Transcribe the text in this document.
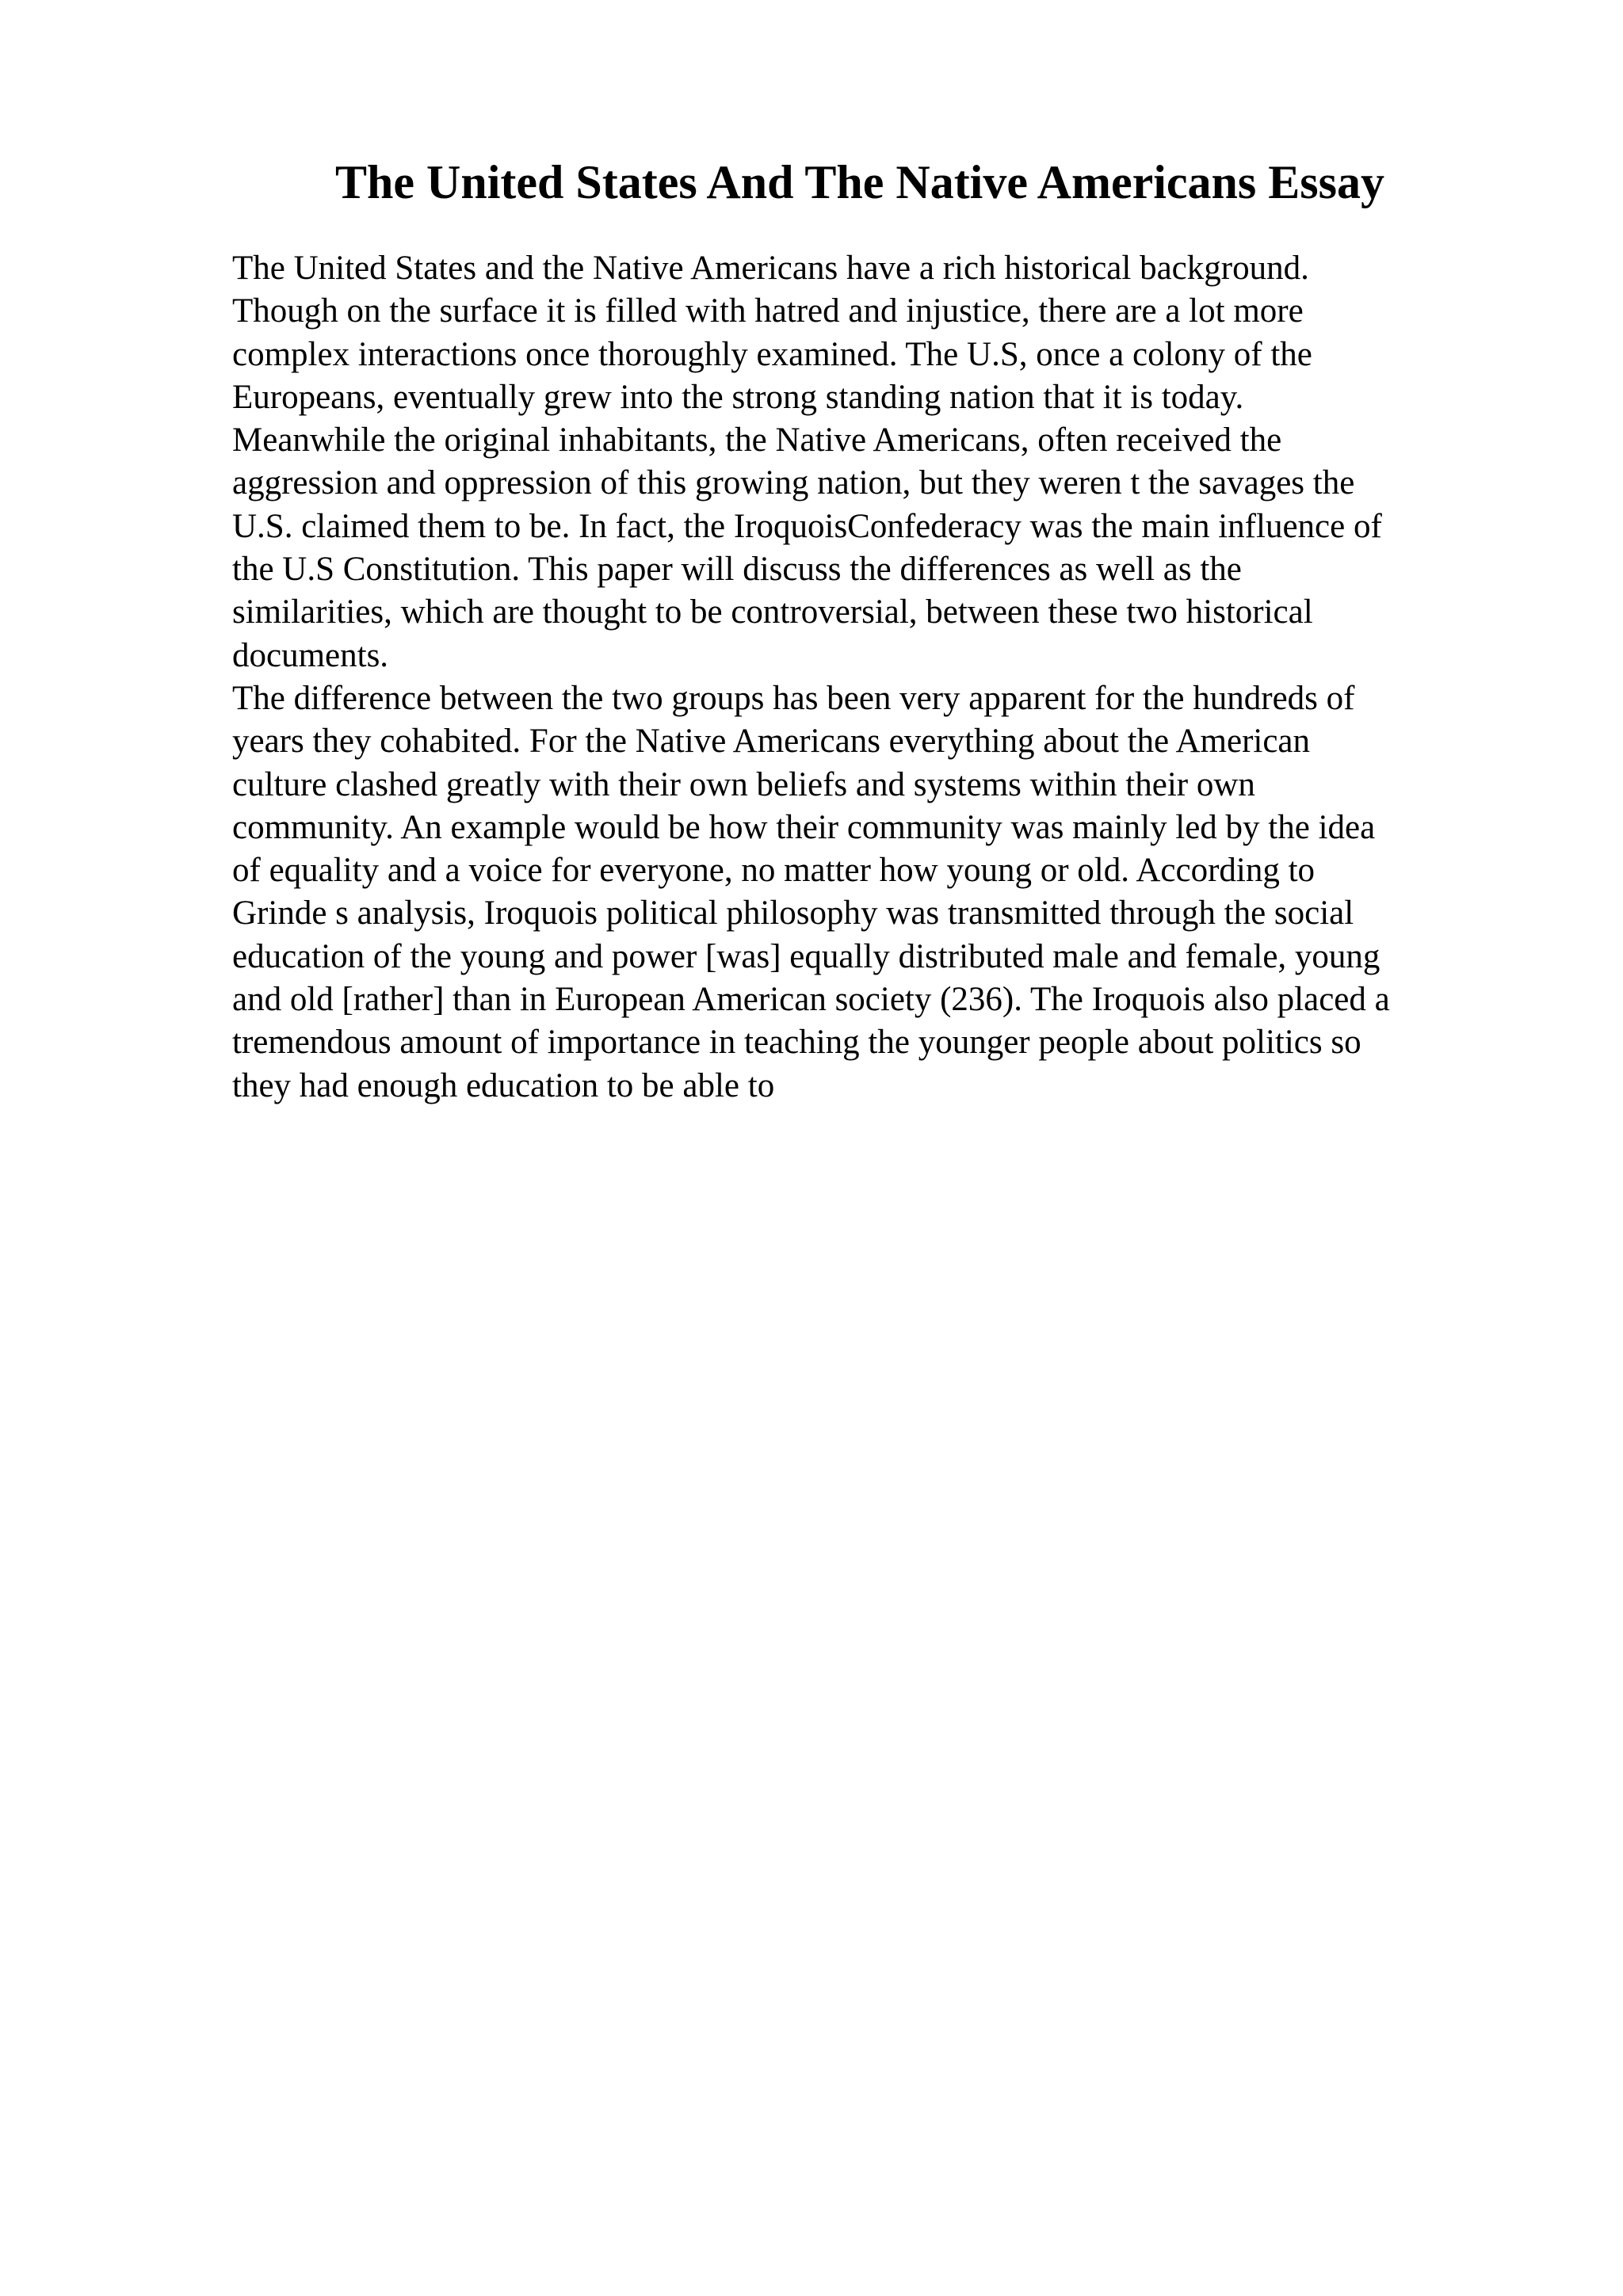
The United States And The Native Americans Essay
The United States and the Native Americans have a rich historical background.
Though on the surface it is filled with hatred and injustice, there are a lot more
complex interactions once thoroughly examined. The U.S, once a colony of the
Europeans, eventually grew into the strong standing nation that it is today.
Meanwhile the original inhabitants, the Native Americans, often received the
aggression and oppression of this growing nation, but they weren t the savages the
U.S. claimed them to be. In fact, the IroquoisConfederacy was the main influence of
the U.S Constitution. This paper will discuss the differences as well as the
similarities, which are thought to be controversial, between these two historical
documents.
The difference between the two groups has been very apparent for the hundreds of
years they cohabited. For the Native Americans everything about the American
culture clashed greatly with their own beliefs and systems within their own
community. An example would be how their community was mainly led by the idea
of equality and a voice for everyone, no matter how young or old. According to
Grinde s analysis, Iroquois political philosophy was transmitted through the social
education of the young and power [was] equally distributed male and female, young
and old [rather] than in European American society (236). The Iroquois also placed a
tremendous amount of importance in teaching the younger people about politics so
they had enough education to be able to
